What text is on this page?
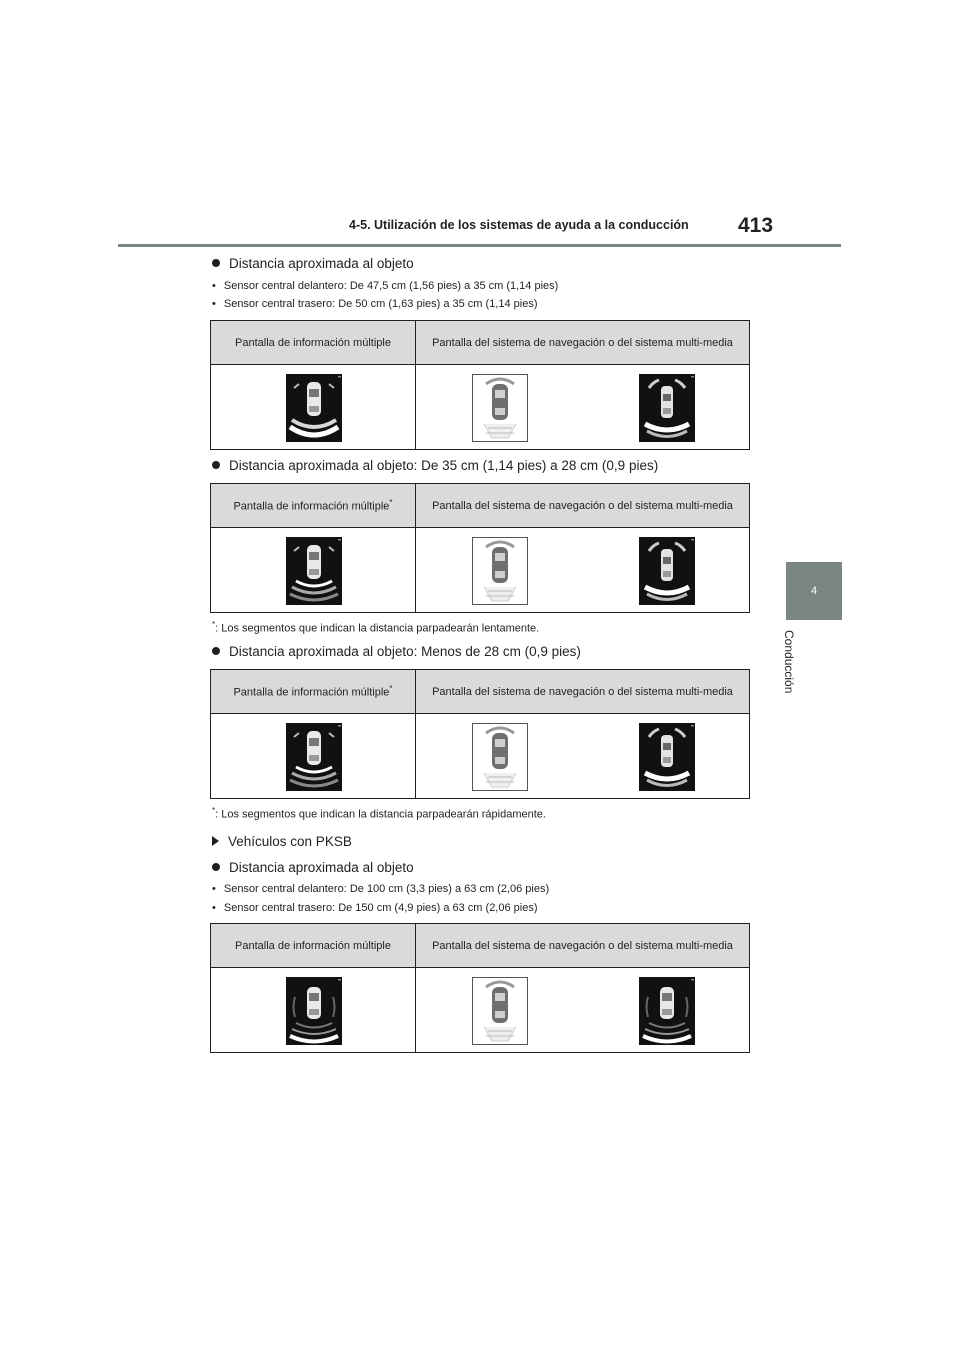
4-5. Utilización de los sistemas de ayuda a la conducción 413
4
Conducción
Distancia aproximada al objeto
• Sensor central delantero: De 47,5 cm (1,56 pies) a 35 cm (1,14 pies)
• Sensor central trasero: De 50 cm (1,63 pies) a 35 cm (1,14 pies)
Pantalla de información múltiple	Pantalla del sistema de navegación o del sistema multi-media

Distancia aproximada al objeto: De 35 cm (1,14 pies) a 28 cm (0,9 pies)
Pantalla de información múltiple*	Pantalla del sistema de navegación o del sistema multi-media

*: Los segmentos que indican la distancia parpadearán lentamente.
Distancia aproximada al objeto: Menos de 28 cm (0,9 pies)
Pantalla de información múltiple*	Pantalla del sistema de navegación o del sistema multi-media

*: Los segmentos que indican la distancia parpadearán rápidamente.
Vehículos con PKSB
Distancia aproximada al objeto
• Sensor central delantero: De 100 cm (3,3 pies) a 63 cm (2,06 pies)
• Sensor central trasero: De 150 cm (4,9 pies) a 63 cm (2,06 pies)
Pantalla de información múltiple	Pantalla del sistema de navegación o del sistema multi-media
